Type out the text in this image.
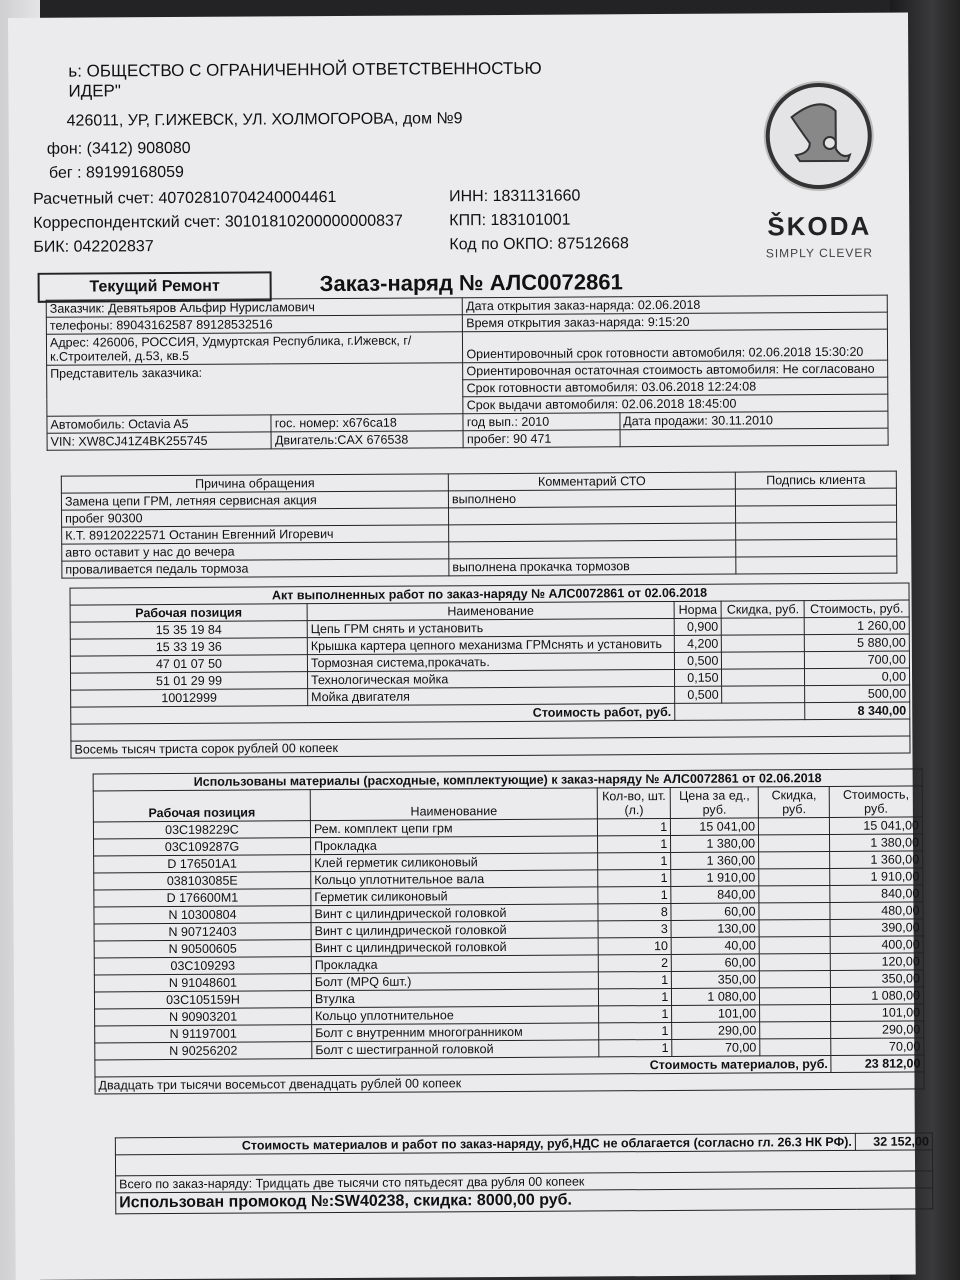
ь: ОБЩЕСТВО С ОГРАНИЧЕННОЙ ОТВЕТСТВЕННОСТЬЮ
ИДЕР"
426011, УР, Г.ИЖЕВСК, УЛ. ХОЛМОГОРОВА, дом №9
фон: (3412) 908080
бег : 89199168059
Расчетный счет: 40702810704240004461
Корреспондентский счет: 30101810200000000837
БИК: 042202837
ИНН: 1831131660
КПП: 183101001
Код по ОКПО: 87512668
ŠKODA
SIMPLY CLEVER
Текущий Ремонт	Заказ-наряд № АЛС0072861
Заказчик: Девятьяров Альфир Нурисламович		Дата открытия заказ-наряда: 02.06.2018	
телефоны: 89043162587 89128532516		Время открытия заказ-наряда: 9:15:20	
Адрес: 426006, РОССИЯ, Удмуртская Республика, г.Ижевск, г/к.Строителей, д.53, кв.5		Ориентировочный срок готовности автомобиля: 02.06.2018 15:30:20	
Представитель заказчика:		Ориентировочная остаточная стоимость автомобиля: Не согласовано	
		Срок готовности автомобиля: 03.06.2018 12:24:08	
		Срок выдачи автомобиля: 02.06.2018 18:45:00	
Автомобиль: Octavia A5	гос. номер: х676са18	год вып.: 2010	Дата продажи: 30.11.2010
VIN: XW8CJ41Z4BK255745	Двигатель:CAX 676538	пробег: 90 471	
Причина обращения	Комментарий СТО	Подпись клиента
Замена цепи ГРМ, летняя сервисная акция	выполнено	
пробег 90300		
К.Т. 89120222571 Останин Евгенний Игоревич		
авто оставит у нас до вечера		
проваливается педаль тормоза	выполнена прокачка тормозов	
Акт выполненных работ по заказ-наряду № АЛС0072861 от 02.06.2018				
Рабочая позиция	Наименование	Норма	Скидка, руб.	Стоимость, руб.
15 35 19 84	Цепь ГРМ снять и установить	0,900		1 260,00
15 33 19 36	Крышка картера цепного механизма ГРМснять и установить	4,200		5 880,00
47 01 07 50	Тормозная система,прокачать.	0,500		700,00
51 01 29 99	Технологическая мойка	0,150		0,00
10012999	Мойка двигателя	0,500		500,00
Стоимость работ, руб.				8 340,00

Восемь тысяч триста сорок рублей 00 копеек				
Использованы материалы (расходные, комплектующие) к заказ-наряду № АЛС0072861 от 02.06.2018					
Рабочая позиция	Наименование	Кол-во, шт.(л.)	Цена за ед., руб.	Скидка, руб.	Стоимость, руб.
03C198229C	Рем. комплект цепи грм	1	15 041,00		15 041,00
03C109287G	Прокладка	1	1 380,00		1 380,00
D 176501A1	Клей герметик силиконовый	1	1 360,00		1 360,00
038103085E	Кольцо уплотнительное вала	1	1 910,00		1 910,00
D 176600M1	Герметик силиконовый	1	840,00		840,00
N 10300804	Винт с цилиндрической головкой	8	60,00		480,00
N 90712403	Винт с цилиндрической головкой	3	130,00		390,00
N 90500605	Винт с цилиндрической головкой	10	40,00		400,00
03C109293	Прокладка	2	60,00		120,00
N 91048601	Болт (MPQ 6шт.)	1	350,00		350,00
03C105159H	Втулка	1	1 080,00		1 080,00
N 90903201	Кольцо уплотнительное	1	101,00		101,00
N 91197001	Болт с внутренним многогранником	1	290,00		290,00
N 90256202	Болт с шестигранной головкой	1	70,00		70,00
Стоимость материалов, руб.					23 812,00
Двадцать три тысячи восемьсот двенадцать рублей 00 копеек					
Стоимость материалов и работ по заказ-наряду, руб,НДС не облагается (согласно гл. 26.3 НК РФ).	32 152,00

Всего по заказ-наряду: Тридцать две тысячи сто пятьдесят два рубля 00 копеек
Использован промокод №:SW40238, скидка: 8000,00 руб.
